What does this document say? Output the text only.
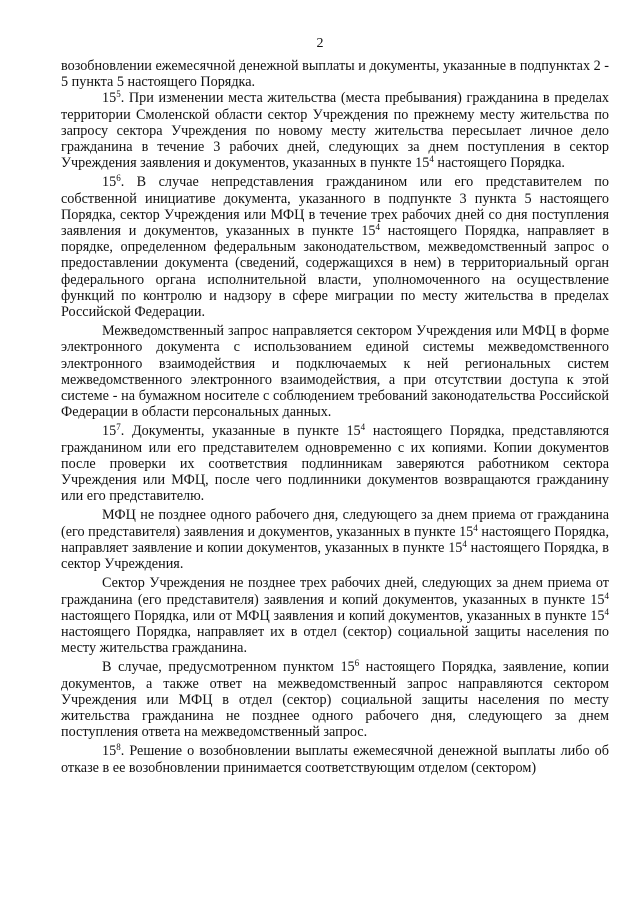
2

возобновлении ежемесячной денежной выплаты и документы, указанные в подпунктах 2 - 5 пункта 5 настоящего Порядка.

$15^5$. При изменении места жительства (места пребывания) гражданина в пределах территории Смоленской области сектор Учреждения по прежнему месту жительства по запросу сектора Учреждения по новому месту жительства пересылает личное дело гражданина в течение 3 рабочих дней, следующих за днем поступления в сектор Учреждения заявления и документов, указанных в пункте $15^4$ настоящего Порядка.

$15^6$. В случае непредставления гражданином или его представителем по собственной инициативе документа, указанного в подпункте 3 пункта 5 настоящего Порядка, сектор Учреждения или МФЦ в течение трех рабочих дней со дня поступления заявления и документов, указанных в пункте $15^4$ настоящего Порядка, направляет в порядке, определенном федеральным законодательством, межведомственный запрос о предоставлении документа (сведений, содержащихся в нем) в территориальный орган федерального органа исполнительной власти, уполномоченного на осуществление функций по контролю и надзору в сфере миграции по месту жительства в пределах Российской Федерации.

Межведомственный запрос направляется сектором Учреждения или МФЦ в форме электронного документа с использованием единой системы межведомственного электронного взаимодействия и подключаемых к ней региональных систем межведомственного электронного взаимодействия, а при отсутствии доступа к этой системе - на бумажном носителе с соблюдением требований законодательства Российской Федерации в области персональных данных.

$15^7$. Документы, указанные в пункте $15^4$ настоящего Порядка, представляются гражданином или его представителем одновременно с их копиями. Копии документов после проверки их соответствия подлинникам заверяются работником сектора Учреждения или МФЦ, после чего подлинники документов возвращаются гражданину или его представителю.

МФЦ не позднее одного рабочего дня, следующего за днем приема от гражданина (его представителя) заявления и документов, указанных в пункте $15^4$ настоящего Порядка, направляет заявление и копии документов, указанных в пункте $15^4$ настоящего Порядка, в сектор Учреждения.

Сектор Учреждения не позднее трех рабочих дней, следующих за днем приема от гражданина (его представителя) заявления и копий документов, указанных в пункте $15^4$ настоящего Порядка, или от МФЦ заявления и копий документов, указанных в пункте $15^4$ настоящего Порядка, направляет их в отдел (сектор) социальной защиты населения по месту жительства гражданина.

В случае, предусмотренном пунктом $15^6$ настоящего Порядка, заявление, копии документов, а также ответ на межведомственный запрос направляются сектором Учреждения или МФЦ в отдел (сектор) социальной защиты населения по месту жительства гражданина не позднее одного рабочего дня, следующего за днем поступления ответа на межведомственный запрос.

$15^8$. Решение о возобновлении выплаты ежемесячной денежной выплаты либо об отказе в ее возобновлении принимается соответствующим отделом (сектором)
